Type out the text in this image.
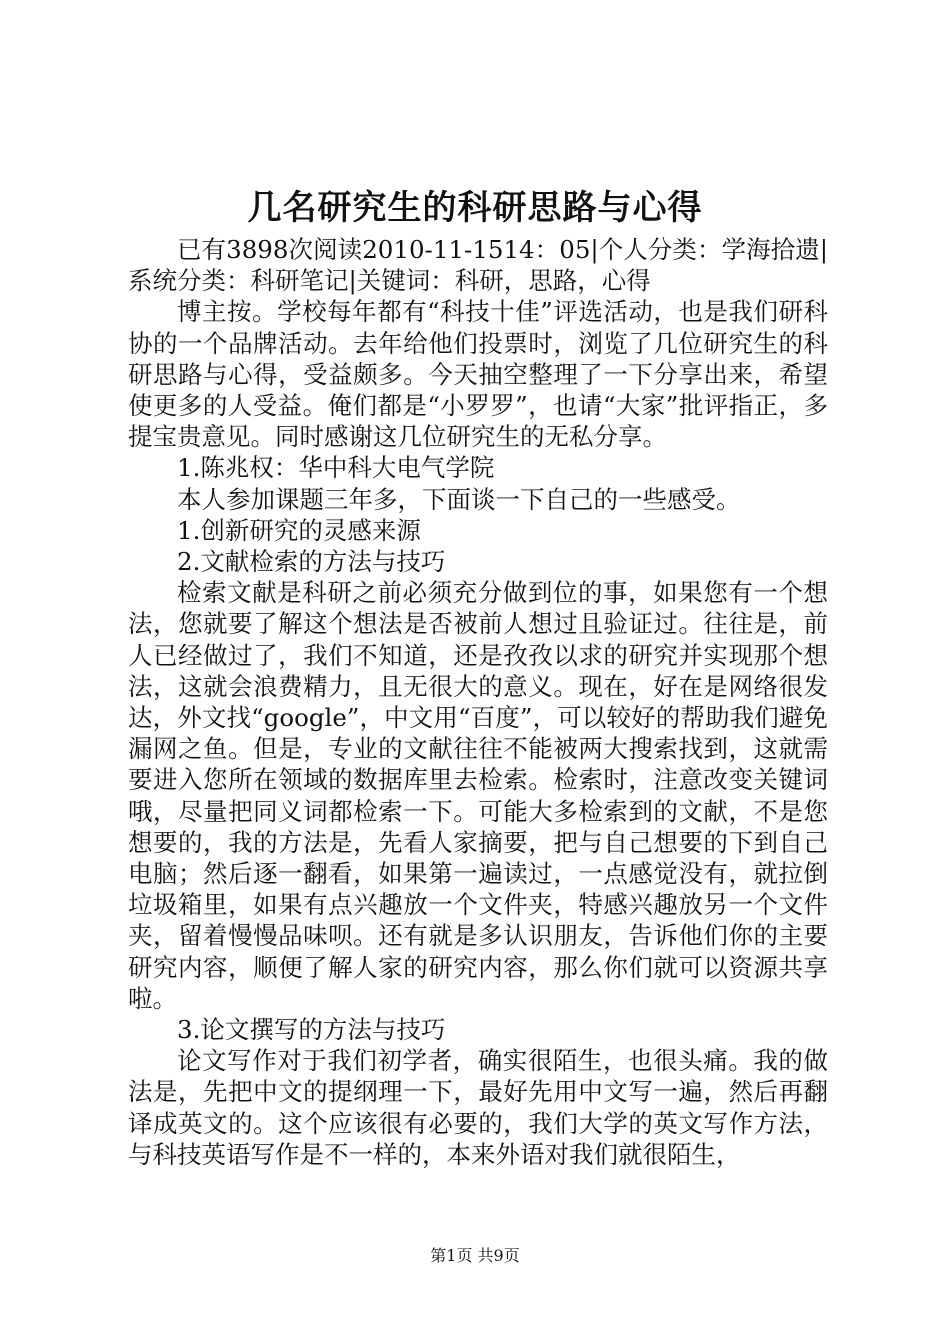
几名研究生的科研思路与心得

已有3898次阅读2010-11-1514：05|个人分类：学海拾遗|系统分类：科研笔记|关键词：科研，思路，心得

博主按。学校每年都有“科技十佳”评选活动，也是我们研科协的一个品牌活动。去年给他们投票时，浏览了几位研究生的科研思路与心得，受益颇多。今天抽空整理了一下分享出来，希望使更多的人受益。俺们都是“小罗罗”，也请“大家”批评指正，多提宝贵意见。同时感谢这几位研究生的无私分享。

1.陈兆权：华中科大电气学院

本人参加课题三年多，下面谈一下自己的一些感受。

1.创新研究的灵感来源

2.文献检索的方法与技巧

检索文献是科研之前必须充分做到位的事，如果您有一个想法，您就要了解这个想法是否被前人想过且验证过。往往是，前人已经做过了，我们不知道，还是孜孜以求的研究并实现那个想法，这就会浪费精力，且无很大的意义。现在，好在是网络很发达，外文找“google”，中文用“百度”，可以较好的帮助我们避免漏网之鱼。但是，专业的文献往往不能被两大搜索找到，这就需要进入您所在领域的数据库里去检索。检索时，注意改变关键词哦，尽量把同义词都检索一下。可能大多检索到的文献，不是您想要的，我的方法是，先看人家摘要，把与自己想要的下到自己电脑；然后逐一翻看，如果第一遍读过，一点感觉没有，就拉倒垃圾箱里，如果有点兴趣放一个文件夹，特感兴趣放另一个文件夹，留着慢慢品味呗。还有就是多认识朋友，告诉他们你的主要研究内容，顺便了解人家的研究内容，那么你们就可以资源共享啦。

3.论文撰写的方法与技巧

论文写作对于我们初学者，确实很陌生，也很头痛。我的做法是，先把中文的提纲理一下，最好先用中文写一遍，然后再翻译成英文的。这个应该很有必要的，我们大学的英文写作方法，与科技英语写作是不一样的，本来外语对我们就很陌生，

第1页 共9页
